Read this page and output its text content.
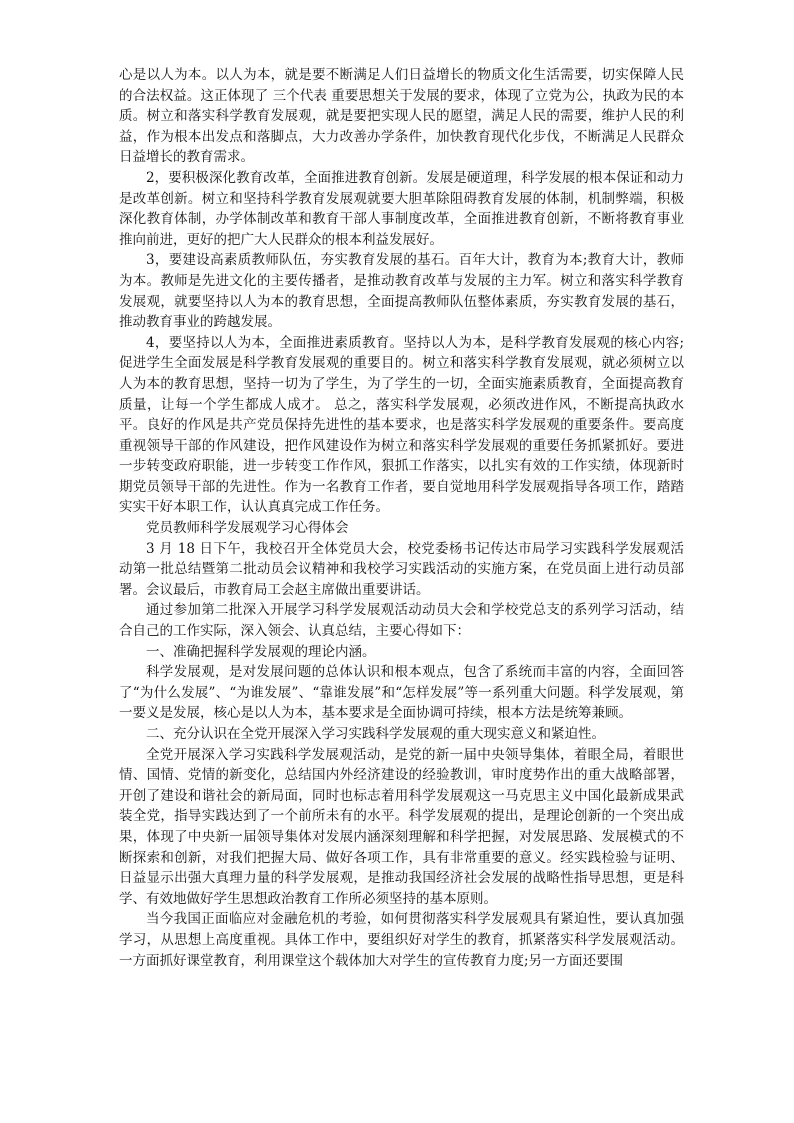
心是以人为本。以人为本，就是要不断满足人们日益增长的物质文化生活需要，切实保障人民的合法权益。这正体现了 三个代表 重要思想关于发展的要求，体现了立党为公，执政为民的本质。树立和落实科学教育发展观，就是要把实现人民的愿望，满足人民的需要，维护人民的利益，作为根本出发点和落脚点，大力改善办学条件，加快教育现代化步伐，不断满足人民群众日益增长的教育需求。

2，要积极深化教育改革，全面推进教育创新。发展是硬道理，科学发展的根本保证和动力是改革创新。树立和坚持科学教育发展观就要大胆革除阻碍教育发展的体制，机制弊端，积极深化教育体制，办学体制改革和教育干部人事制度改革，全面推进教育创新，不断将教育事业推向前进，更好的把广大人民群众的根本利益发展好。

3，要建设高素质教师队伍，夯实教育发展的基石。百年大计，教育为本;教育大计，教师为本。教师是先进文化的主要传播者，是推动教育改革与发展的主力军。树立和落实科学教育发展观，就要坚持以人为本的教育思想，全面提高教师队伍整体素质，夯实教育发展的基石，推动教育事业的跨越发展。

4，要坚持以人为本，全面推进素质教育。坚持以人为本，是科学教育发展观的核心内容;促进学生全面发展是科学教育发展观的重要目的。树立和落实科学教育发展观，就必须树立以人为本的教育思想，坚持一切为了学生，为了学生的一切，全面实施素质教育，全面提高教育质量，让每一个学生都成人成才。 总之，落实科学发展观，必须改进作风，不断提高执政水平。良好的作风是共产党员保持先进性的基本要求，也是落实科学发展观的重要条件。要高度重视领导干部的作风建设，把作风建设作为树立和落实科学发展观的重要任务抓紧抓好。要进一步转变政府职能，进一步转变工作作风，狠抓工作落实，以扎实有效的工作实绩，体现新时期党员领导干部的先进性。作为一名教育工作者，要自觉地用科学发展观指导各项工作，踏踏实实干好本职工作，认认真真完成工作任务。

党员教师科学发展观学习心得体会

3 月 18 日下午，我校召开全体党员大会，校党委杨书记传达市局学习实践科学发展观活动第一批总结暨第二批动员会议精神和我校学习实践活动的实施方案，在党员面上进行动员部署。会议最后，市教育局工会赵主席做出重要讲话。

通过参加第二批深入开展学习科学发展观活动动员大会和学校党总支的系列学习活动，结合自己的工作实际，深入领会、认真总结，主要心得如下：

一、准确把握科学发展观的理论内涵。

科学发展观，是对发展问题的总体认识和根本观点，包含了系统而丰富的内容，全面回答了“为什么发展”、“为谁发展”、“靠谁发展”和“怎样发展”等一系列重大问题。科学发展观，第一要义是发展，核心是以人为本，基本要求是全面协调可持续，根本方法是统筹兼顾。

二、充分认识在全党开展深入学习实践科学发展观的重大现实意义和紧迫性。

全党开展深入学习实践科学发展观活动，是党的新一届中央领导集体，着眼全局，着眼世情、国情、党情的新变化，总结国内外经济建设的经验教训，审时度势作出的重大战略部署，开创了建设和谐社会的新局面，同时也标志着用科学发展观这一马克思主义中国化最新成果武装全党，指导实践达到了一个前所未有的水平。科学发展观的提出，是理论创新的一个突出成果，体现了中央新一届领导集体对发展内涵深刻理解和科学把握，对发展思路、发展模式的不断探索和创新，对我们把握大局、做好各项工作，具有非常重要的意义。经实践检验与证明、日益显示出强大真理力量的科学发展观，是推动我国经济社会发展的战略性指导思想，更是科学、有效地做好学生思想政治教育工作所必须坚持的基本原则。

当今我国正面临应对金融危机的考验，如何贯彻落实科学发展观具有紧迫性，要认真加强学习，从思想上高度重视。具体工作中，要组织好对学生的教育，抓紧落实科学发展观活动。一方面抓好课堂教育，利用课堂这个载体加大对学生的宣传教育力度;另一方面还要围
